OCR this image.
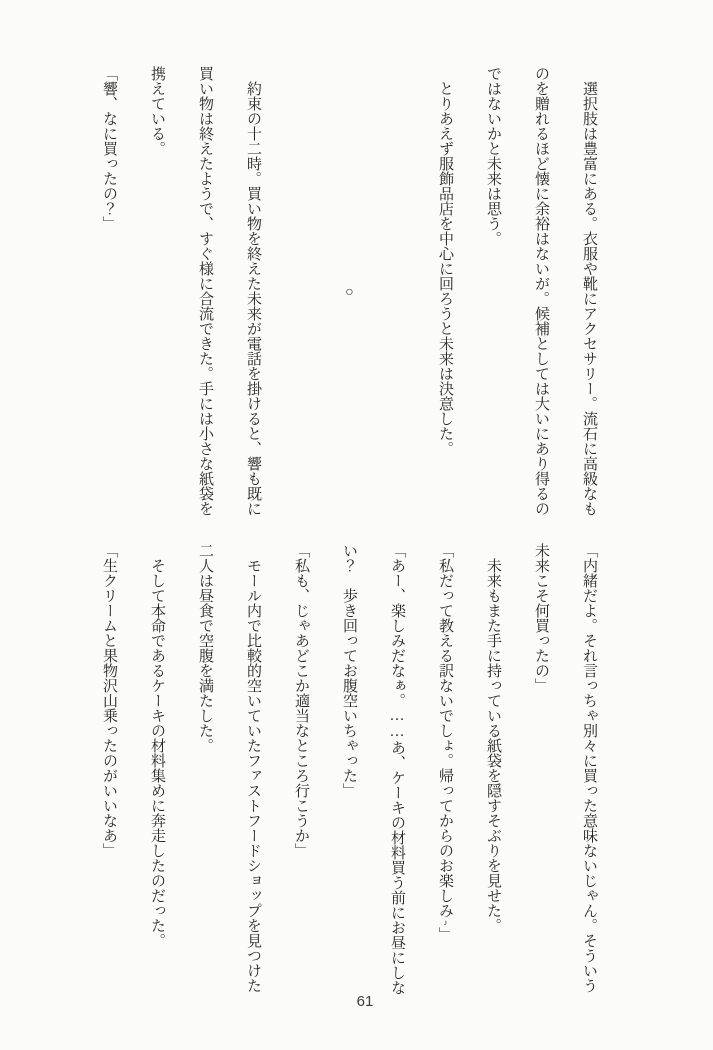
選択肢は豊富にある。衣服や靴にアクセサリー。流石に高級なものを贈れるほど懐に余裕はないが。候補としては大いにあり得るのではないかと未来は思う。

とりあえず服飾品店を中心に回ろうと未来は決意した。

○

約束の十二時。買い物を終えた未来が電話を掛けると、響も既に買い物は終えたようで、すぐ様に合流できた。手には小さな紙袋を携えている。

「響、なに買ったの？」

「内緒だよ。それ言っちゃ別々に買った意味ないじゃん。そういう未来こそ何買ったの」

未来もまた手に持っている紙袋を隠すそぶりを見せた。

「私だって教える訳ないでしょ。帰ってからのお楽しみ♪」

「あー、楽しみだなぁ。……あ、ケーキの材料買う前にお昼にしない？　歩き回ってお腹空いちゃった」

「私も、じゃあどこか適当なところ行こうか」

モール内で比較的空いていたファストフードショップを見つけた二人は昼食で空腹を満たした。

そして本命であるケーキの材料集めに奔走したのだった。

「生クリームと果物沢山乗ったのがいいなあ」

61
